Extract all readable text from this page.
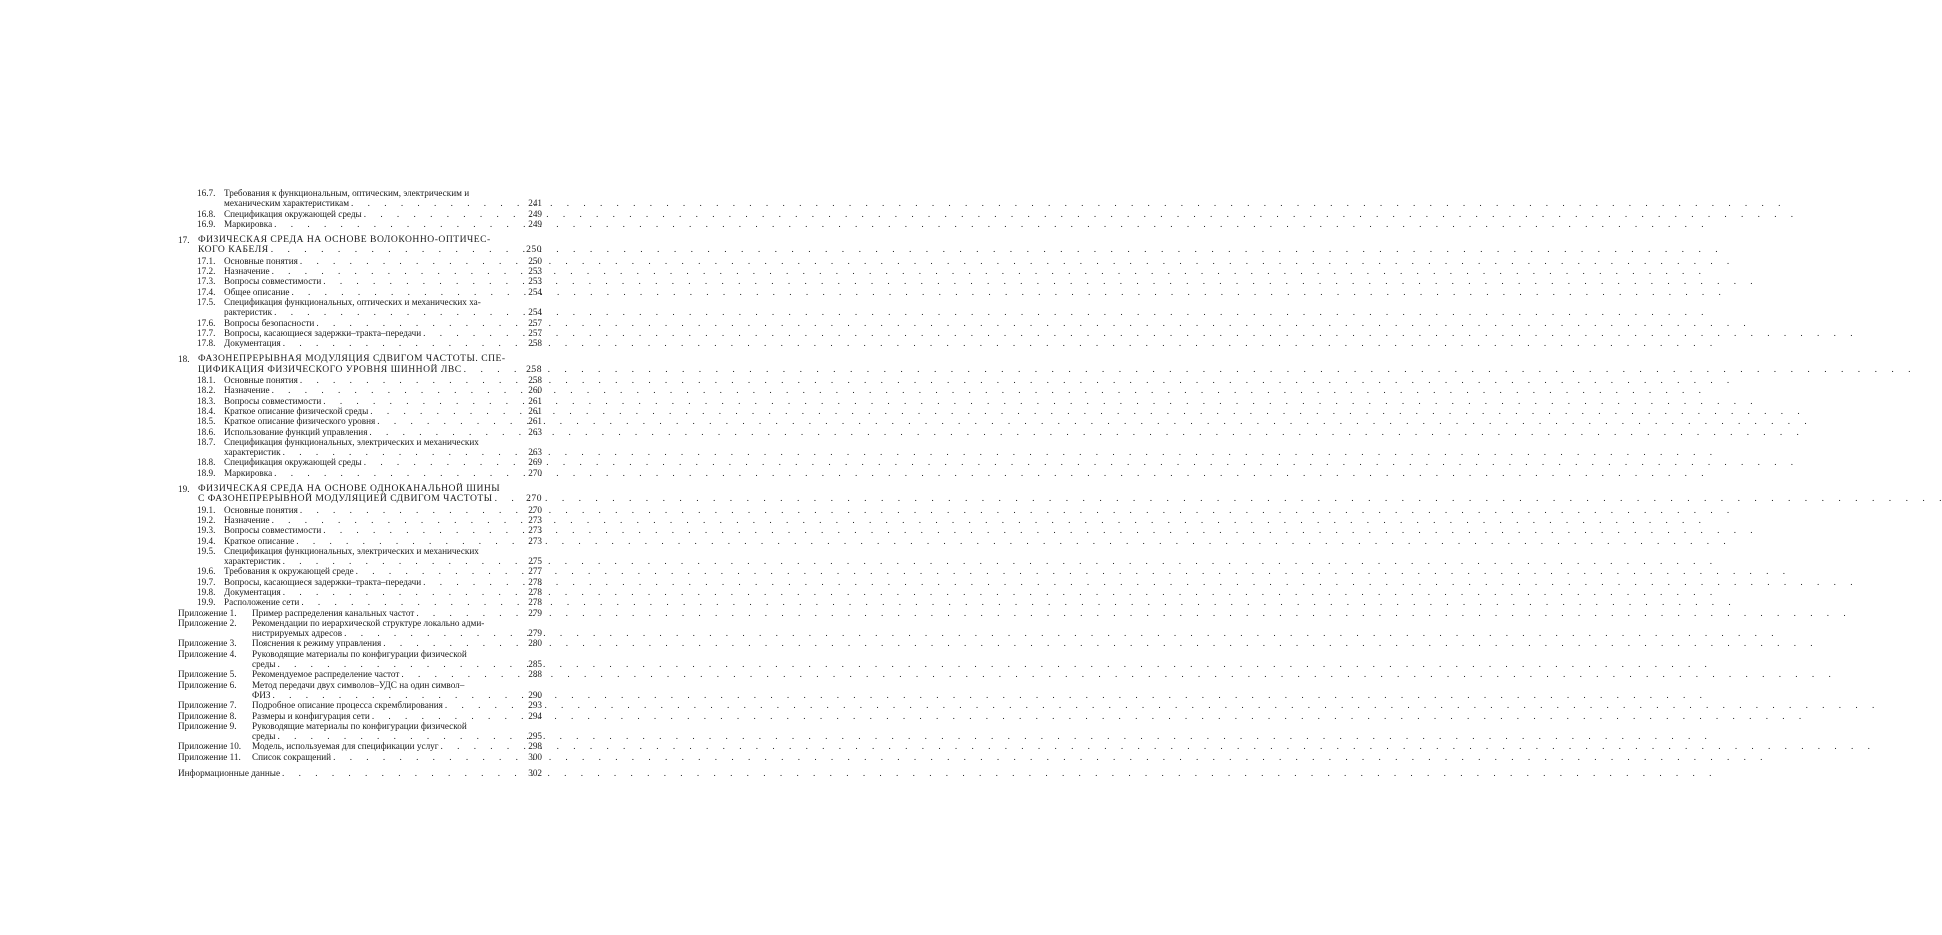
16.7. Требования к функциональным, оптическим, электрическим и
механическим характеристикам . . .	241
16.8. Спецификация окружающей среды . . .	249
16.9. Маркировка . . .	249
17. ФИЗИЧЕСКАЯ СРЕДА НА ОСНОВЕ ВОЛОКОННО-ОПТИЧЕС-
КОГО КАБЕЛЯ . . .	250
17.1. Основные понятия . . .	250
17.2. Назначение . . .	253
17.3. Вопросы совместимости . . .	253
17.4. Общее описание . . .	254
17.5. Спецификация функциональных, оптических и механических ха-
рактеристик . . .	254
17.6. Вопросы безопасности . . .	257
17.7. Вопросы, касающиеся задержки–тракта–передачи . . .	257
17.8. Документация . . .	258
18. ФАЗОНЕПРЕРЫВНАЯ МОДУЛЯЦИЯ СДВИГОМ ЧАСТОТЫ. СПЕ-
ЦИФИКАЦИЯ ФИЗИЧЕСКОГО УРОВНЯ ШИННОЙ ЛВС . . .	258
18.1. Основные понятия . . .	258
18.2. Назначение . . .	260
18.3. Вопросы совместимости . . .	261
18.4. Краткое описание физической среды . . .	261
18.5. Краткое описание физического уровня . . .	261
18.6. Использование функций управления . . .	263
18.7. Спецификация функциональных, электрических и механических
характеристик . . .	263
18.8. Спецификация окружающей среды . . .	269
18.9. Маркировка . . .	270
19. ФИЗИЧЕСКАЯ СРЕДА НА ОСНОВЕ ОДНОКАНАЛЬНОЙ ШИНЫ
С ФАЗОНЕПРЕРЫВНОЙ МОДУЛЯЦИЕЙ СДВИГОМ ЧАСТОТЫ . . .	270
19.1. Основные понятия . . .	270
19.2. Назначение . . .	273
19.3. Вопросы совместимости . . .	273
19.4. Краткое описание . . .	273
19.5. Спецификация функциональных, электрических и механических
характеристик . . .	275
19.6. Требования к окружающей среде . . .	277
19.7. Вопросы, касающиеся задержки–тракта–передачи . . .	278
19.8. Документация . . .	278
19.9. Расположение сети . . .	278
Приложение 1.	Пример распределения канальных частот . . .	279
Приложение 2.	Рекомендации по иерархической структуре локально адми-
нистрируемых адресов . . .	279
Приложение 3.	Пояснения к режиму управления . . .	280
Приложение 4.	Руководящие материалы по конфигурации физической
среды . . .	285
Приложение 5.	Рекомендуемое распределение частот . . .	288
Приложение 6.	Метод передачи двух символов–УДС на один символ–
ФИЗ . . .	290
Приложение 7.	Подробное описание процесса скремблирования . . .	293
Приложение 8.	Размеры и конфигурация сети . . .	294
Приложение 9.	Руководящие материалы по конфигурации физической
среды . . .	295
Приложение 10.	Модель, используемая для спецификации услуг . . .	298
Приложение 11.	Список сокращений . . .	300
Информационные данные . . .	302
